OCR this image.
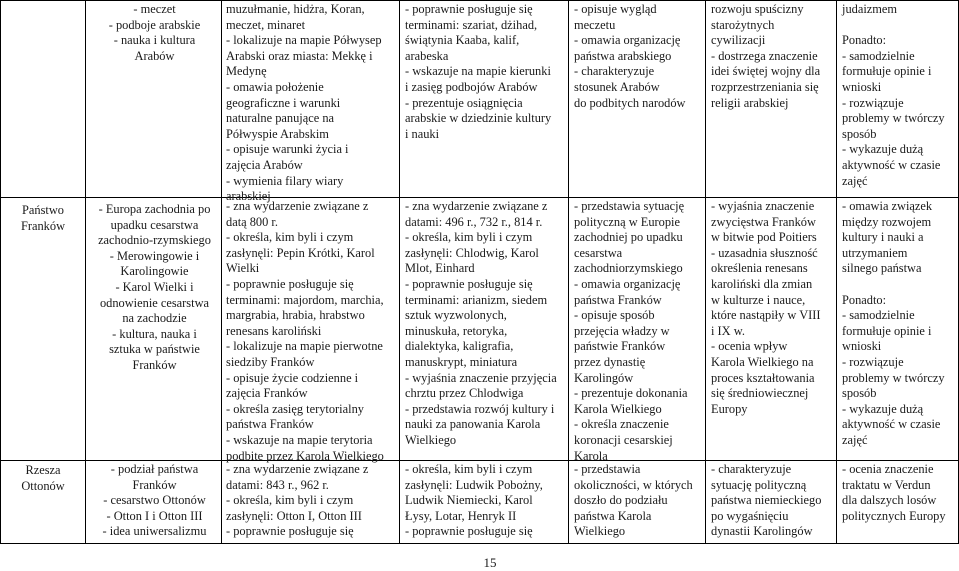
- meczet
- podboje arabskie
- nauka i kultura
Arabów
muzułmanie, hidżra, Koran,
meczet, minaret
- lokalizuje na mapie Półwysep
Arabski oraz miasta: Mekkę i
Medynę
- omawia położenie
geograficzne i warunki
naturalne panujące na
Półwyspie Arabskim
- opisuje warunki życia i
zajęcia Arabów
- wymienia filary wiary
arabskiej
- poprawnie posługuje się
terminami: szariat, dżihad,
świątynia Kaaba, kalif,
arabeska
- wskazuje na mapie kierunki
i zasięg podbojów Arabów
- prezentuje osiągnięcia
arabskie w dziedzinie kultury
i nauki
- opisuje wygląd
meczetu
- omawia organizację
państwa arabskiego
- charakteryzuje
stosunek Arabów
do podbitych narodów
rozwoju spuścizny
starożytnych
cywilizacji
- dostrzega znaczenie
idei świętej wojny dla
rozprzestrzeniania się
religii arabskiej
judaizmem

Ponadto:
- samodzielnie
formułuje opinie i
wnioski
- rozwiązuje
problemy w twórczy
sposób
- wykazuje dużą
aktywność w czasie
zajęć
Państwo
Franków
- Europa zachodnia po
upadku cesarstwa
zachodnio-rzymskiego
- Merowingowie i
Karolingowie
- Karol Wielki i
odnowienie cesarstwa
na zachodzie
- kultura, nauka i
sztuka w państwie
Franków
- zna wydarzenie związane z
datą 800 r.
- określa, kim byli i czym
zasłynęli: Pepin Krótki, Karol
Wielki
- poprawnie posługuje się
terminami: majordom, marchia,
margrabia, hrabia, hrabstwo
renesans karoliński
- lokalizuje na mapie pierwotne
siedziby Franków
- opisuje życie codzienne i
zajęcia Franków
- określa zasięg terytorialny
państwa Franków
- wskazuje na mapie terytoria
podbite przez Karola Wielkiego
- zna wydarzenie związane z
datami: 496 r., 732 r., 814 r.
- określa, kim byli i czym
zasłynęli: Chlodwig, Karol
Mlot, Einhard
- poprawnie posługuje się
terminami: arianizm, siedem
sztuk wyzwolonych,
minuskuła, retoryka,
dialektyka, kaligrafia,
manuskrypt, miniatura
- wyjaśnia znaczenie przyjęcia
chrztu przez Chlodwiga
- przedstawia rozwój kultury i
nauki za panowania Karola
Wielkiego
- przedstawia sytuację
polityczną w Europie
zachodniej po upadku
cesarstwa
zachodniorzymskiego
- omawia organizację
państwa Franków
- opisuje sposób
przejęcia władzy w
państwie Franków
przez dynastię
Karolingów
- prezentuje dokonania
Karola Wielkiego
- określa znaczenie
koronacji cesarskiej
Karola
- wyjaśnia znaczenie
zwycięstwa Franków
w bitwie pod Poitiers
- uzasadnia słuszność
określenia renesans
karoliński dla zmian
w kulturze i nauce,
które nastąpiły w VIII
i IX w.
- ocenia wpływ
Karola Wielkiego na
proces kształtowania
się średniowiecznej
Europy
- omawia związek
między rozwojem
kultury i nauki a
utrzymaniem
silnego państwa

Ponadto:
- samodzielnie
formułuje opinie i
wnioski
- rozwiązuje
problemy w twórczy
sposób
- wykazuje dużą
aktywność w czasie
zajęć
Rzesza
Ottonów
- podział państwa
Franków
- cesarstwo Ottonów
- Otton I i Otton III
- idea uniwersalizmu
- zna wydarzenie związane z
datami: 843 r., 962 r.
- określa, kim byli i czym
zasłynęli: Otton I, Otton III
- poprawnie posługuje się
- określa, kim byli i czym
zasłynęli: Ludwik Pobożny,
Ludwik Niemiecki, Karol
Łysy, Lotar, Henryk II
- poprawnie posługuje się
- przedstawia
okoliczności, w których
doszło do podziału
państwa Karola
Wielkiego
- charakteryzuje
sytuację polityczną
państwa niemieckiego
po wygaśnięciu
dynastii Karolingów
- ocenia znaczenie
traktatu w Verdun
dla dalszych losów
politycznych Europy
15
